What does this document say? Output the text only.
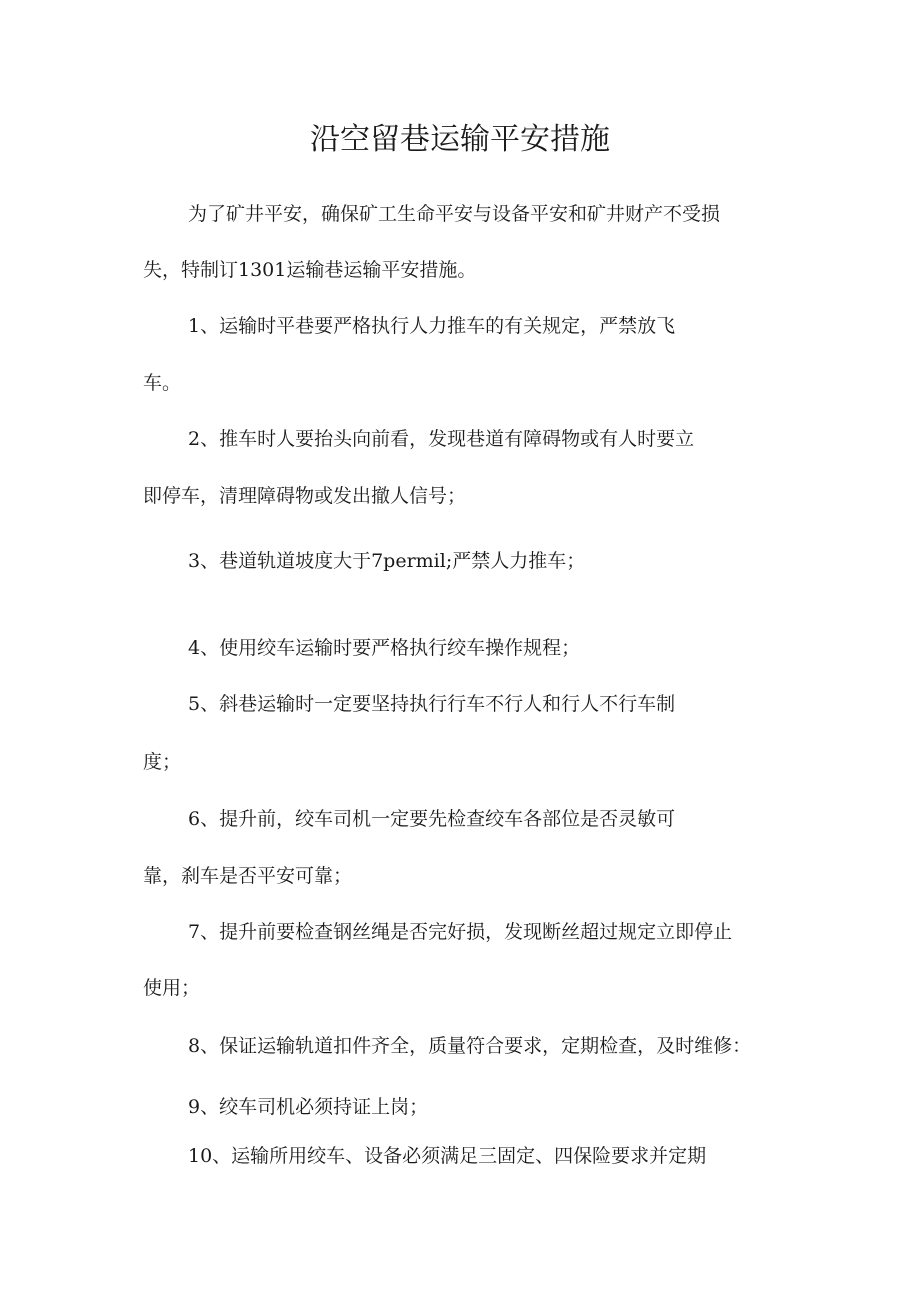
沿空留巷运输平安措施
为了矿井平安，确保矿工生命平安与设备平安和矿井财产不受损
失，特制订1301运输巷运输平安措施。
1、运输时平巷要严格执行人力推车的有关规定，严禁放飞
车。
2、推车时人要抬头向前看，发现巷道有障碍物或有人时要立
即停车，清理障碍物或发出撤人信号；
3、巷道轨道坡度大于7permil;严禁人力推车；
4、使用绞车运输时要严格执行绞车操作规程；
5、斜巷运输时一定要坚持执行行车不行人和行人不行车制
度；
6、提升前，绞车司机一定要先检查绞车各部位是否灵敏可
靠，刹车是否平安可靠；
7、提升前要检查钢丝绳是否完好损，发现断丝超过规定立即停止
使用；
8、保证运输轨道扣件齐全，质量符合要求，定期检查，及时维修：
9、绞车司机必须持证上岗；
10、运输所用绞车、设备必须满足三固定、四保险要求并定期
